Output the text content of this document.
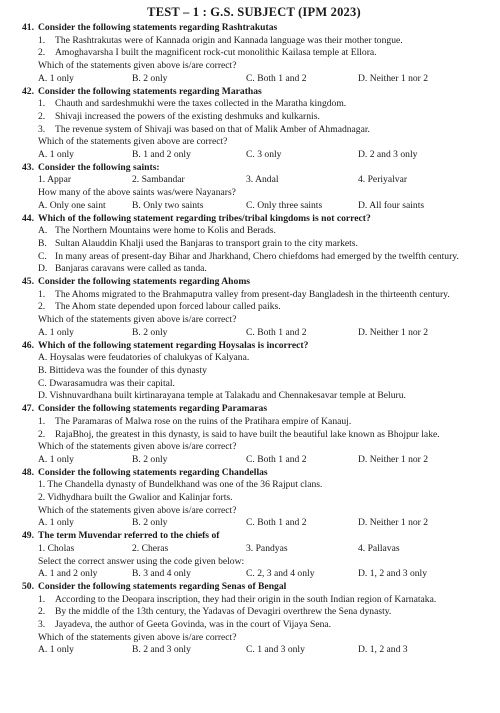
TEST – 1 : G.S. SUBJECT (IPM 2023)
41. Consider the following statements regarding Rashtrakutas
1.	The Rashtrakutas were of Kannada origin and Kannada language was their mother tongue.
2.	Amoghavarsha I built the magnificent rock-cut monolithic Kailasa temple at Ellora.
Which of the statements given above is/are correct?
A. 1 only	B. 2 only	C. Both 1 and 2	D. Neither 1 nor 2
42. Consider the following statements regarding Marathas
1.	Chauth and sardeshmukhi were the taxes collected in the Maratha kingdom.
2.	Shivaji increased the powers of the existing deshmuks and kulkarnis.
3.	The revenue system of Shivaji was based on that of Malik Amber of Ahmadnagar.
Which of the statements given above are correct?
A. 1 only	B. 1 and 2 only	C. 3 only	D. 2 and 3 only
43. Consider the following saints:
1. Appar	2. Sambandar	3. Andal	4. Periyalvar
How many of the above saints was/were Nayanars?
A. Only one saint	B. Only two saints	C. Only three saints	D. All four saints
44. Which of the following statement regarding tribes/tribal kingdoms is not correct?
A. The Northern Mountains were home to Kolis and Berads.
B. Sultan Alauddin Khalji used the Banjaras to transport grain to the city markets.
C. In many areas of present-day Bihar and Jharkhand, Chero chiefdoms had emerged by the twelfth century.
D. Banjaras caravans were called as tanda.
45. Consider the following statements regarding Ahoms
1.	The Ahoms migrated to the Brahmaputra valley from present-day Bangladesh in the thirteenth century.
2.	The Ahom state depended upon forced labour called paiks.
Which of the statements given above is/are correct?
A. 1 only	B. 2 only	C. Both 1 and 2	D. Neither 1 nor 2
46. Which of the following statement regarding Hoysalas is incorrect?
A. Hoysalas were feudatories of chalukyas of Kalyana.
B. Bittideva was the founder of this dynasty
C. Dwarasamudra was their capital.
D. Vishnuvardhana built kirtinarayana temple at Talakadu and Chennakesavar temple at Beluru.
47. Consider the following statements regarding Paramaras
1.	The Paramaras of Malwa rose on the ruins of the Pratihara empire of Kanauj.
2.	RajaBhoj, the greatest in this dynasty, is said to have built the beautiful lake known as Bhojpur lake.
Which of the statements given above is/are correct?
A. 1 only	B. 2 only	C. Both 1 and 2	D. Neither 1 nor 2
48. Consider the following statements regarding Chandellas
1. The Chandella dynasty of Bundelkhand was one of the 36 Rajput clans.
2. Vidhydhara built the Gwalior and Kalinjar forts.
Which of the statements given above is/are correct?
A. 1 only	B. 2 only	C. Both 1 and 2	D. Neither 1 nor 2
49. The term Muvendar referred to the chiefs of
1. Cholas	2. Cheras	3. Pandyas	4. Pallavas
Select the correct answer using the code given below:
A. 1 and 2 only	B. 3 and 4 only	C. 2, 3 and 4 only	D. 1, 2 and 3 only
50. Consider the following statements regarding Senas of Bengal
1.	According to the Deopara inscription, they had their origin in the south Indian region of Karnataka.
2.	By the middle of the 13th century, the Yadavas of Devagiri overthrew the Sena dynasty.
3.	Jayadeva, the author of Geeta Govinda, was in the court of Vijaya Sena.
Which of the statements given above is/are correct?
A. 1 only	B. 2 and 3 only	C. 1 and 3 only	D. 1, 2 and 3
